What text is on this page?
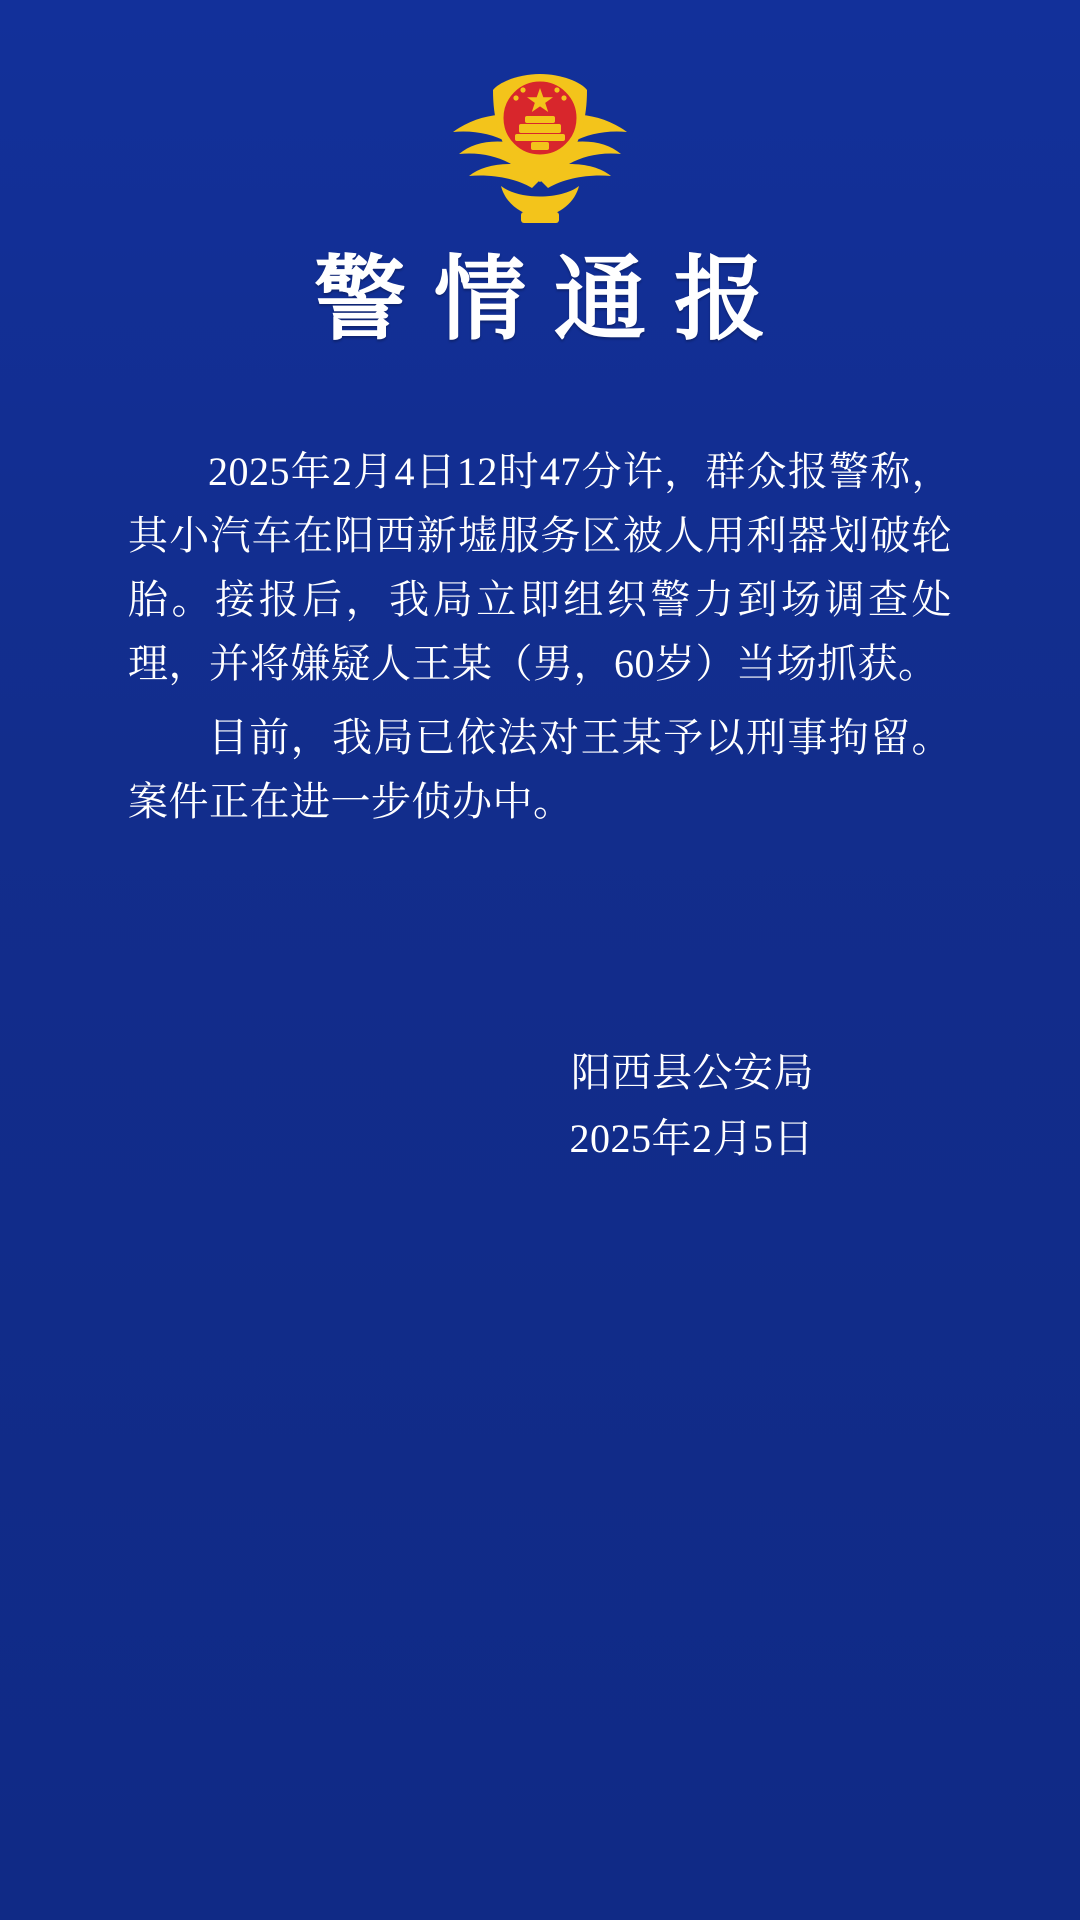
警情通报

2025年2月4日12时47分许，群众报警称，其小汽车在阳西新墟服务区被人用利器划破轮胎。接报后，我局立即组织警力到场调查处理，并将嫌疑人王某（男，60岁）当场抓获。

目前，我局已依法对王某予以刑事拘留。案件正在进一步侦办中。

阳西县公安局
2025年2月5日
